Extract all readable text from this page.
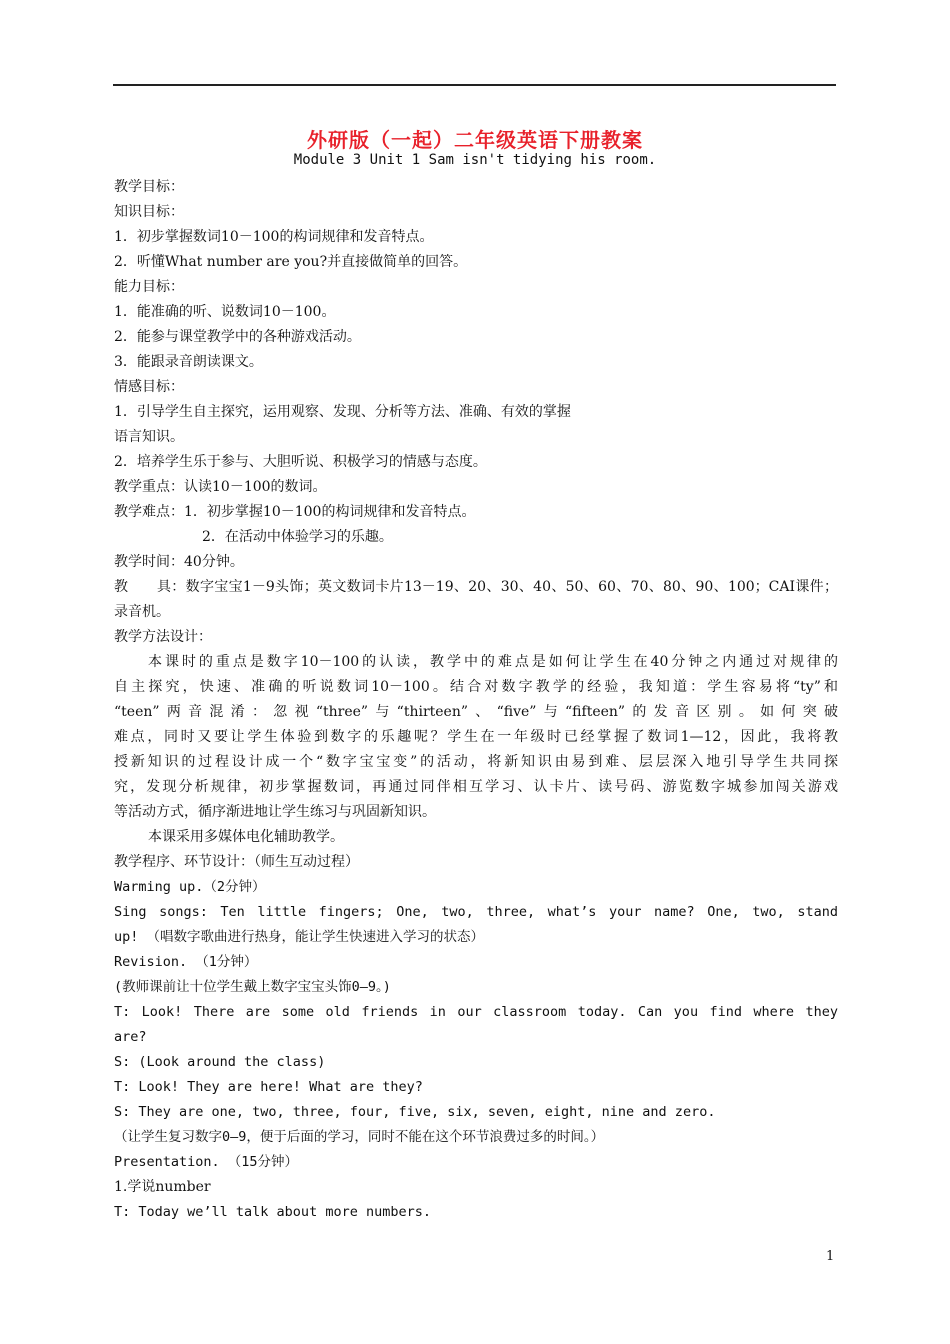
外研版（一起）二年级英语下册教案
Module 3 Unit 1 Sam isn't tidying his room.
教学目标：
知识目标：
1．初步掌握数词10－100的构词规律和发音特点。
2．听懂What number are you?并直接做简单的回答。
能力目标：
1．能准确的听、说数词10－100。
2．能参与课堂教学中的各种游戏活动。
3．能跟录音朗读课文。
情感目标：
1．引导学生自主探究，运用观察、发现、分析等方法、准确、有效的掌握
语言知识。
2．培养学生乐于参与、大胆听说、积极学习的情感与态度。
教学重点：认读10－100的数词。
教学难点：1．初步掌握10－100的构词规律和发音特点。
2．在活动中体验学习的乐趣。
教学时间：40分钟。
教　　具：数字宝宝1－9头饰；英文数词卡片13－19、20、30、40、50、60、70、80、90、100；CAI课件；
录音机。
教学方法设计：
本课时的重点是数字10－100的认读，教学中的难点是如何让学生在40分钟之内通过对规律的
自主探究，快速、准确的听说数词10－100。结合对数字教学的经验，我知道：学生容易将“ty”和
“teen”两音混淆：忽视“three”与“thirteen”、“five”与“fifteen”的发音区别。如何突破
难点，同时又要让学生体验到数字的乐趣呢？学生在一年级时已经掌握了数词1—12，因此，我将教
授新知识的过程设计成一个“数字宝宝变”的活动，将新知识由易到难、层层深入地引导学生共同探
究，发现分析规律，初步掌握数词，再通过同伴相互学习、认卡片、读号码、游览数字城参加闯关游戏
等活动方式，循序渐进地让学生练习与巩固新知识。
本课采用多媒体电化辅助教学。
教学程序、环节设计：（师生互动过程）
Warming up.（2分钟）
Sing songs: Ten little fingers; One, two, three, what’s your name? One, two, stand
up! （唱数字歌曲进行热身，能让学生快速进入学习的状态）
Revision. （1分钟）
(教师课前让十位学生戴上数字宝宝头饰0—9。)
T: Look! There are some old friends in our classroom today. Can you find where they
are?
S: (Look around the class)
T: Look! They are here! What are they?
S: They are one, two, three, four, five, six, seven, eight, nine and zero.
（让学生复习数字0—9，便于后面的学习，同时不能在这个环节浪费过多的时间。）
Presentation. （15分钟）
1.学说number
T: Today we’ll talk about more numbers.
1
